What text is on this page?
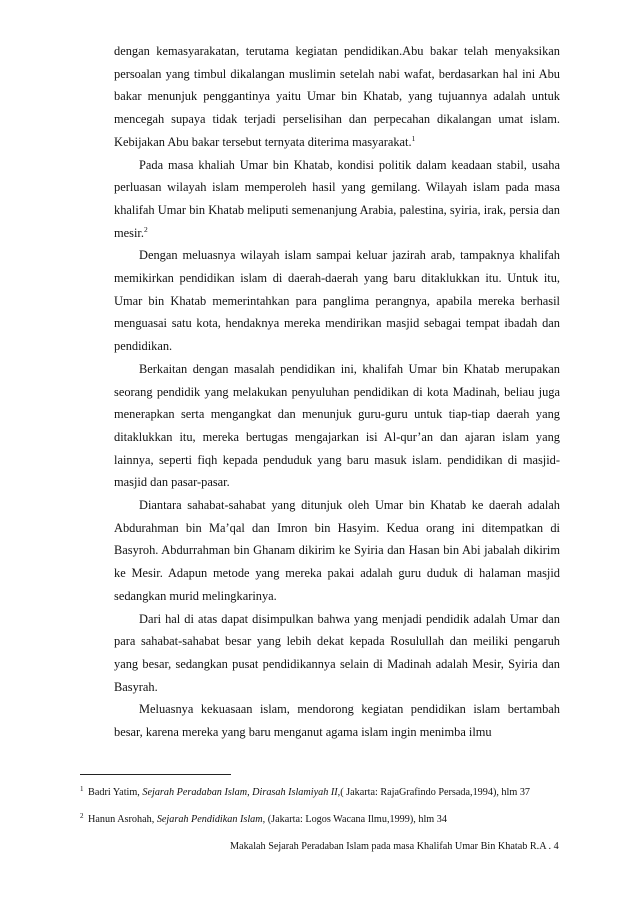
dengan kemasyarakatan, terutama kegiatan pendidikan.Abu bakar telah menyaksikan persoalan yang timbul dikalangan muslimin setelah nabi wafat, berdasarkan hal ini Abu bakar menunjuk penggantinya yaitu Umar bin Khatab, yang tujuannya adalah untuk mencegah supaya tidak terjadi perselisihan dan perpecahan dikalangan umat islam. Kebijakan Abu bakar tersebut ternyata diterima masyarakat.$^1$

Pada masa khaliah Umar bin Khatab, kondisi politik dalam keadaan stabil, usaha perluasan wilayah islam memperoleh hasil yang gemilang. Wilayah islam pada masa khalifah Umar bin Khatab meliputi semenanjung Arabia, palestina, syiria, irak, persia dan mesir.$^2$

Dengan meluasnya wilayah islam sampai keluar jazirah arab, tampaknya khalifah memikirkan pendidikan islam di daerah-daerah yang baru ditaklukkan itu. Untuk itu, Umar bin Khatab memerintahkan para panglima perangnya, apabila mereka berhasil menguasai satu kota, hendaknya mereka mendirikan masjid sebagai tempat ibadah dan pendidikan.

Berkaitan dengan masalah pendidikan ini, khalifah Umar bin Khatab merupakan seorang pendidik yang melakukan penyuluhan pendidikan di kota Madinah, beliau juga menerapkan serta mengangkat dan menunjuk guru-guru untuk tiap-tiap daerah yang ditaklukkan itu, mereka bertugas mengajarkan isi Al-qur’an dan ajaran islam yang lainnya, seperti fiqh kepada penduduk yang baru masuk islam. pendidikan di masjid-masjid dan pasar-pasar.

Diantara sahabat-sahabat yang ditunjuk oleh Umar bin Khatab ke daerah adalah Abdurahman bin Ma’qal dan Imron bin Hasyim. Kedua orang ini ditempatkan di Basyroh. Abdurrahman bin Ghanam dikirim ke Syiria dan Hasan bin Abi jabalah dikirim ke Mesir. Adapun metode yang mereka pakai adalah guru duduk di halaman masjid sedangkan murid melingkarinya.

Dari hal di atas dapat disimpulkan bahwa yang menjadi pendidik adalah Umar dan para sahabat-sahabat besar yang lebih dekat kepada Rosulullah dan meiliki pengaruh yang besar, sedangkan pusat pendidikannya selain di Madinah adalah Mesir, Syiria dan Basyrah.

Meluasnya kekuasaan islam, mendorong kegiatan pendidikan islam bertambah besar, karena mereka yang baru menganut agama islam ingin menimba ilmu

$^1$ Badri Yatim, Sejarah Peradaban Islam, Dirasah Islamiyah II,( Jakarta: RajaGrafindo Persada,1994), hlm 37
$^2$ Hanun Asrohah, Sejarah Pendidikan Islam, (Jakarta: Logos Wacana Ilmu,1999), hlm 34
Makalah Sejarah Peradaban Islam pada masa Khalifah Umar Bin Khatab R.A . 4
